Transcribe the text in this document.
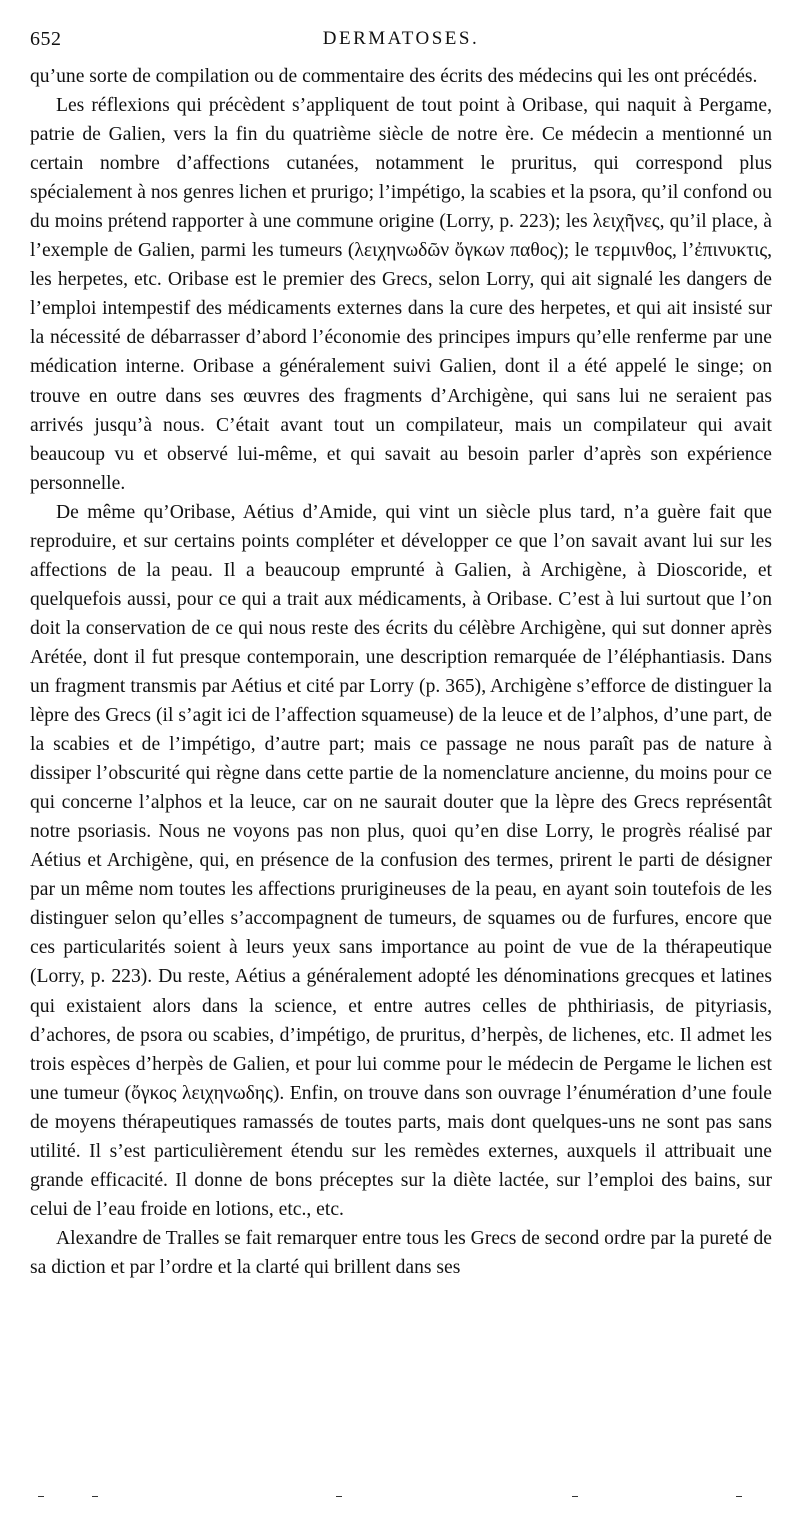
652	DERMATOSES.

qu’une sorte de compilation ou de commentaire des écrits des médecins qui les ont précédés.

Les réflexions qui précèdent s’appliquent de tout point à Oribase, qui naquit à Pergame, patrie de Galien, vers la fin du quatrième siècle de notre ère. Ce médecin a mentionné un certain nombre d’affections cutanées, notamment le pruritus, qui correspond plus spécialement à nos genres lichen et prurigo; l’impétigo, la scabies et la psora, qu’il confond ou du moins prétend rapporter à une commune origine (Lorry, p. 223); les λειχῆνες, qu’il place, à l’exemple de Galien, parmi les tumeurs (λειχηνωδῶν ὄγκων παθος); le τερμινθος, l’ἐπινυκτις, les herpetes, etc. Oribase est le premier des Grecs, selon Lorry, qui ait signalé les dangers de l’emploi intempestif des médicaments externes dans la cure des herpetes, et qui ait insisté sur la nécessité de débarrasser d’abord l’économie des principes impurs qu’elle renferme par une médication interne. Oribase a généralement suivi Galien, dont il a été appelé le singe; on trouve en outre dans ses œuvres des fragments d’Archigène, qui sans lui ne seraient pas arrivés jusqu’à nous. C’était avant tout un compilateur, mais un compilateur qui avait beaucoup vu et observé lui-même, et qui savait au besoin parler d’après son expérience personnelle.

De même qu’Oribase, Aétius d’Amide, qui vint un siècle plus tard, n’a guère fait que reproduire, et sur certains points compléter et développer ce que l’on savait avant lui sur les affections de la peau. Il a beaucoup emprunté à Galien, à Archigène, à Dioscoride, et quelquefois aussi, pour ce qui a trait aux médicaments, à Oribase. C’est à lui surtout que l’on doit la conservation de ce qui nous reste des écrits du célèbre Archigène, qui sut donner après Arétée, dont il fut presque contemporain, une description remarquée de l’éléphantiasis. Dans un fragment transmis par Aétius et cité par Lorry (p. 365), Archigène s’efforce de distinguer la lèpre des Grecs (il s’agit ici de l’affection squameuse) de la leuce et de l’alphos, d’une part, de la scabies et de l’impétigo, d’autre part; mais ce passage ne nous paraît pas de nature à dissiper l’obscurité qui règne dans cette partie de la nomenclature ancienne, du moins pour ce qui concerne l’alphos et la leuce, car on ne saurait douter que la lèpre des Grecs représentât notre psoriasis. Nous ne voyons pas non plus, quoi qu’en dise Lorry, le progrès réalisé par Aétius et Archigène, qui, en présence de la confusion des termes, prirent le parti de désigner par un même nom toutes les affections prurigineuses de la peau, en ayant soin toutefois de les distinguer selon qu’elles s’accompagnent de tumeurs, de squames ou de furfures, encore que ces particularités soient à leurs yeux sans importance au point de vue de la thérapeutique (Lorry, p. 223). Du reste, Aétius a généralement adopté les dénominations grecques et latines qui existaient alors dans la science, et entre autres celles de phthiriasis, de pityriasis, d’achores, de psora ou scabies, d’impétigo, de pruritus, d’herpès, de lichenes, etc. Il admet les trois espèces d’herpès de Galien, et pour lui comme pour le médecin de Pergame le lichen est une tumeur (ὄγκος λειχηνωδης). Enfin, on trouve dans son ouvrage l’énumération d’une foule de moyens thérapeutiques ramassés de toutes parts, mais dont quelques-uns ne sont pas sans utilité. Il s’est particulièrement étendu sur les remèdes externes, auxquels il attribuait une grande efficacité. Il donne de bons préceptes sur la diète lactée, sur l’emploi des bains, sur celui de l’eau froide en lotions, etc., etc.

Alexandre de Tralles se fait remarquer entre tous les Grecs de second ordre par la pureté de sa diction et par l’ordre et la clarté qui brillent dans ses
